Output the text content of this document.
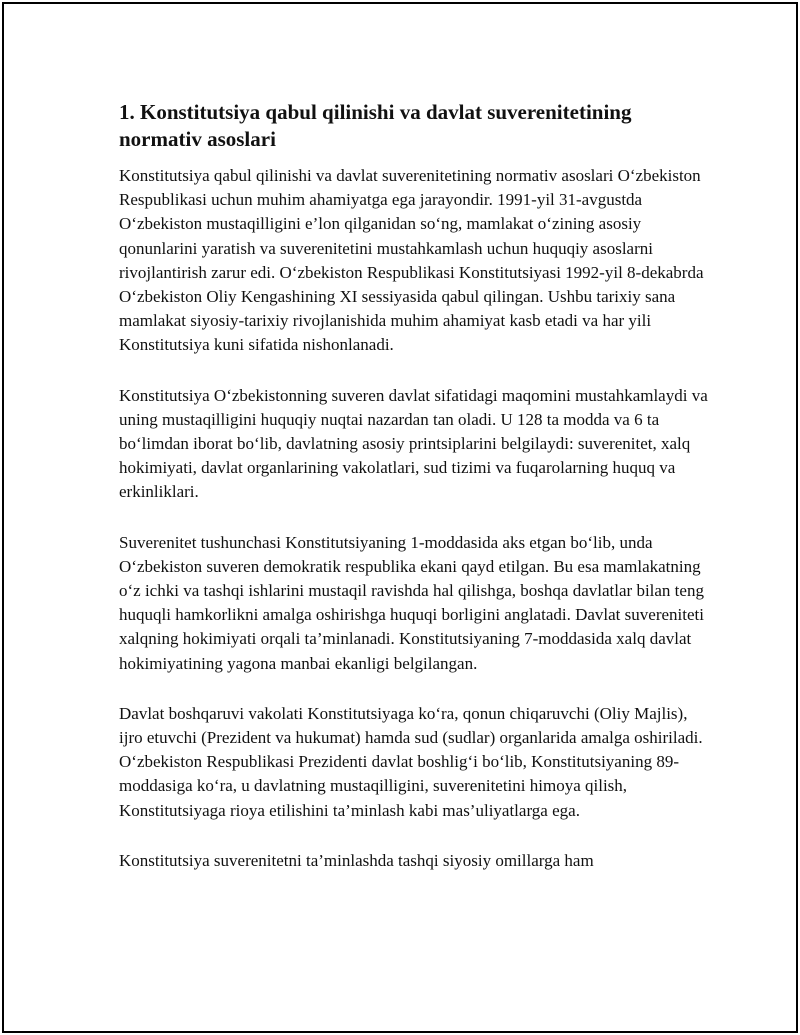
1. Konstitutsiya qabul qilinishi va davlat suverenitetining normativ asoslari

Konstitutsiya qabul qilinishi va davlat suverenitetining normativ asoslari O‘zbekiston Respublikasi uchun muhim ahamiyatga ega jarayondir. 1991-yil 31-avgustda O‘zbekiston mustaqilligini e’lon qilganidan so‘ng, mamlakat o‘zining asosiy qonunlarini yaratish va suverenitetini mustahkamlash uchun huquqiy asoslarni rivojlantirish zarur edi. O‘zbekiston Respublikasi Konstitutsiyasi 1992-yil 8-dekabrda O‘zbekiston Oliy Kengashining XI sessiyasida qabul qilingan. Ushbu tarixiy sana mamlakat siyosiy-tarixiy rivojlanishida muhim ahamiyat kasb etadi va har yili Konstitutsiya kuni sifatida nishonlanadi.

Konstitutsiya O‘zbekistonning suveren davlat sifatidagi maqomini mustahkamlaydi va uning mustaqilligini huquqiy nuqtai nazardan tan oladi. U 128 ta modda va 6 ta bo‘limdan iborat bo‘lib, davlatning asosiy printsiplarini belgilaydi: suverenitet, xalq hokimiyati, davlat organlarining vakolatlari, sud tizimi va fuqarolarning huquq va erkinliklari.

Suverenitet tushunchasi Konstitutsiyaning 1-moddasida aks etgan bo‘lib, unda O‘zbekiston suveren demokratik respublika ekani qayd etilgan. Bu esa mamlakatning o‘z ichki va tashqi ishlarini mustaqil ravishda hal qilishga, boshqa davlatlar bilan teng huquqli hamkorlikni amalga oshirishga huquqi borligini anglatadi. Davlat suvereniteti xalqning hokimiyati orqali ta’minlanadi. Konstitutsiyaning 7-moddasida xalq davlat hokimiyatining yagona manbai ekanligi belgilangan.

Davlat boshqaruvi vakolati Konstitutsiyaga ko‘ra, qonun chiqaruvchi (Oliy Majlis), ijro etuvchi (Prezident va hukumat) hamda sud (sudlar) organlarida amalga oshiriladi. O‘zbekiston Respublikasi Prezidenti davlat boshlig‘i bo‘lib, Konstitutsiyaning 89-moddasiga ko‘ra, u davlatning mustaqilligini, suverenitetini himoya qilish, Konstitutsiyaga rioya etilishini ta’minlash kabi mas’uliyatlarga ega.

Konstitutsiya suverenitetni ta’minlashda tashqi siyosiy omillarga ham
